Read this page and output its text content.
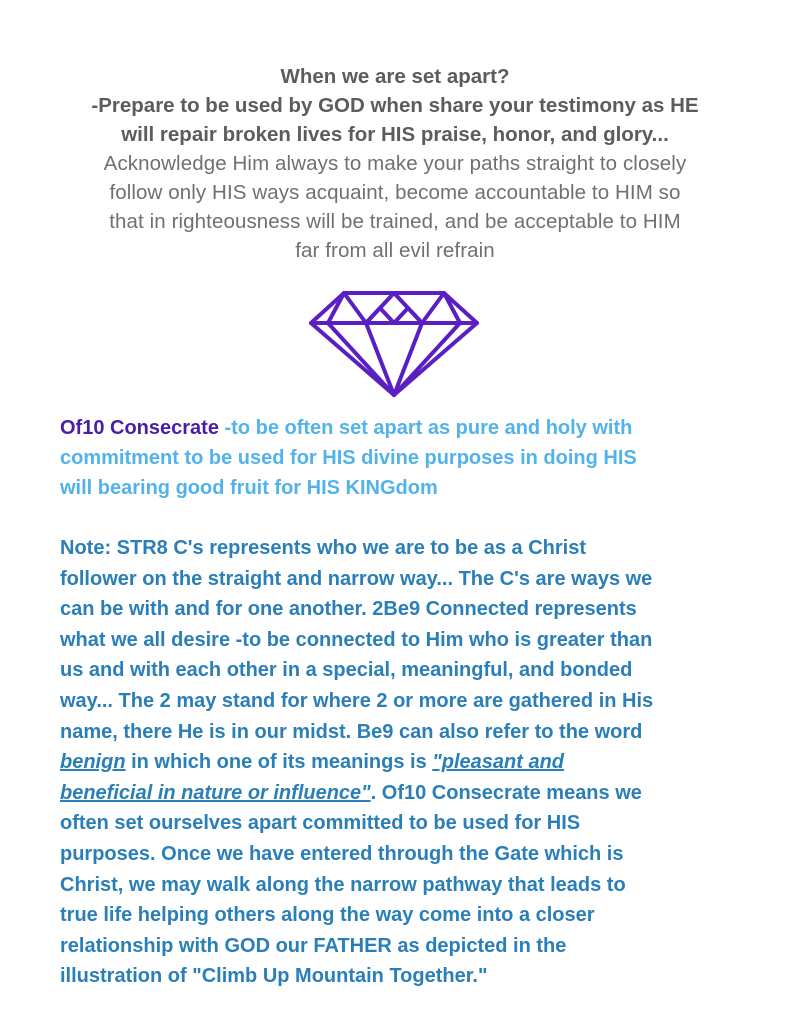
When we are set apart?
-Prepare to be used by GOD when share your testimony as HE
will repair broken lives for HIS praise, honor, and glory...
Acknowledge Him always to make your paths straight to closely
follow only HIS ways acquaint, become accountable to HIM so
that in righteousness will be trained, and be acceptable to HIM
far from all evil refrain
Of10 Consecrate -to be often set apart as pure and holy with
commitment to be used for HIS divine purposes in doing HIS
will bearing good fruit for HIS KINGdom
Note: STR8 C's represents who we are to be as a Christ
follower on the straight and narrow way... The C's are ways we
can be with and for one another. 2Be9 Connected represents
what we all desire -to be connected to Him who is greater than
us and with each other in a special, meaningful, and bonded
way... The 2 may stand for where 2 or more are gathered in His
name, there He is in our midst. Be9 can also refer to the word
benign in which one of its meanings is "pleasant and
beneficial in nature or influence". Of10 Consecrate means we
often set ourselves apart committed to be used for HIS
purposes. Once we have entered through the Gate which is
Christ, we may walk along the narrow pathway that leads to
true life helping others along the way come into a closer
relationship with GOD our FATHER as depicted in the
illustration of "Climb Up Mountain Together."
